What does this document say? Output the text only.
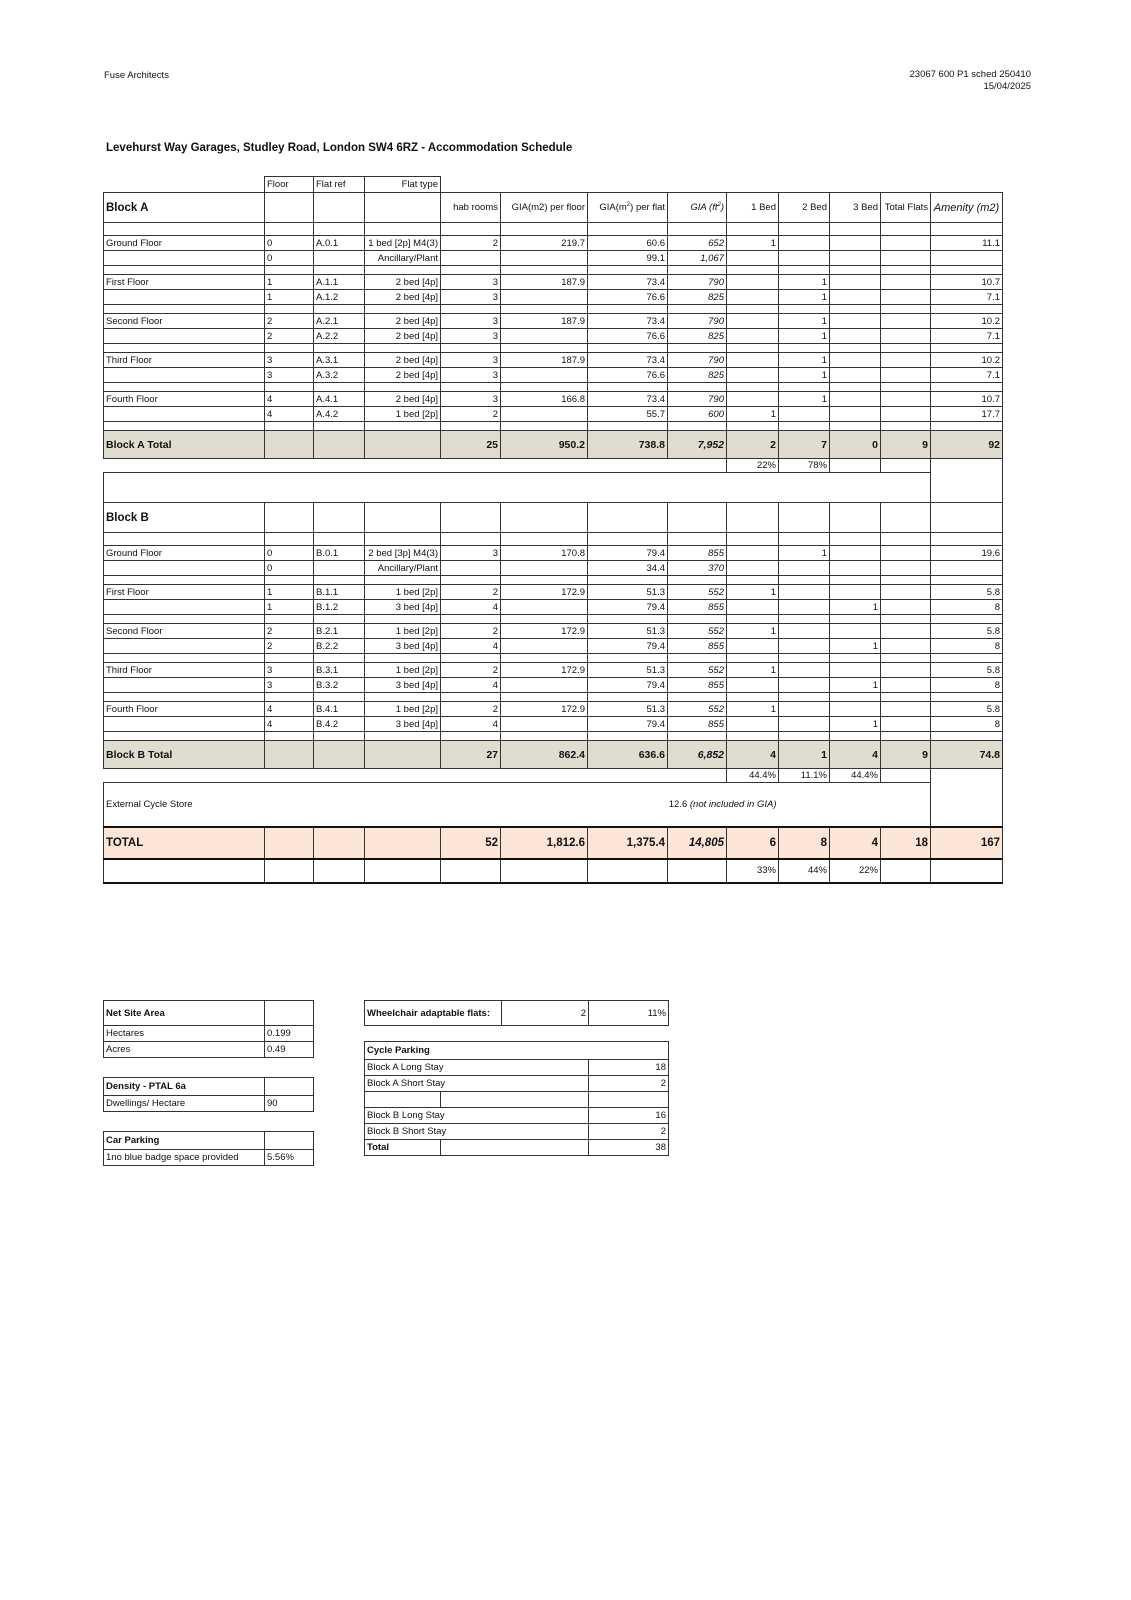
Fuse Architects	23067 600 P1 sched 250410
15/04/2025
Levehurst Way Garages, Studley Road, London SW4 6RZ - Accommodation Schedule
	Floor	Flat ref	Flat type									
Block A				hab rooms	GIA(m2) per floor	$GIA(m^2)$ per flat	GIA $(ft^2)$	1 Bed	2 Bed	3 Bed	Total Flats	Amenity (m2)

Ground Floor	0	A.0.1	1 bed [2p] M4(3)	2	219.7	60.6	652	1				11.1
	0		Ancillary/Plant			99.1	1,067					

First Floor	1	A.1.1	2 bed [4p]	3	187.9	73.4	790		1			10.7
	1	A.1.2	2 bed [4p]	3		76.6	825		1			7.1

Second Floor	2	A.2.1	2 bed [4p]	3	187.9	73.4	790		1			10.2
	2	A.2.2	2 bed [4p]	3		76.6	825		1			7.1

Third Floor	3	A.3.1	2 bed [4p]	3	187.9	73.4	790		1			10.2
	3	A.3.2	2 bed [4p]	3		76.6	825		1			7.1

Fourth Floor	4	A.4.1	2 bed [4p]	3	166.8	73.4	790		1			10.7
	4	A.4.2	1 bed [2p]	2		55.7	600	1				17.7

Block A Total				25	950.2	738.8	7,952	2	7	0	9	92
								22%	78%			

Block B												

Ground Floor	0	B.0.1	2 bed [3p] M4(3)	3	170.8	79.4	855		1			19.6
	0		Ancillary/Plant			34.4	370					

First Floor	1	B.1.1	1 bed [2p]	2	172.9	51.3	552	1				5.8
	1	B.1.2	3 bed [4p]	4		79.4	855			1		8

Second Floor	2	B.2.1	1 bed [2p]	2	172.9	51.3	552	1				5.8
	2	B.2.2	3 bed [4p]	4		79.4	855			1		8

Third Floor	3	B.3.1	1 bed [2p]	2	172.9	51.3	552	1				5.8
	3	B.3.2	3 bed [4p]	4		79.4	855			1		8

Fourth Floor	4	B.4.1	1 bed [2p]	2	172.9	51.3	552	1				5.8
	4	B.4.2	3 bed [4p]	4		79.4	855			1		8

Block B Total				27	862.4	636.6	6,852	4	1	4	9	74.8
								44.4%	11.1%	44.4%		
External Cycle Store						12.6 (not included in GIA)						
TOTAL				52	1,812.6	1,375.4	14,805	6	8	4	18	167
								33%	44%	22%		
Net Site Area	
Hectares	0.199
Acres	0.49
Density - PTAL 6a	
Dwellings/ Hectare	90
Car Parking	
1no blue badge space provided	5.56%
Wheelchair adaptable flats:	2	11%
Cycle Parking		
Block A Long Stay		18
Block A Short Stay		2

Block B Long Stay		16
Block B Short Stay		2
Total		38
